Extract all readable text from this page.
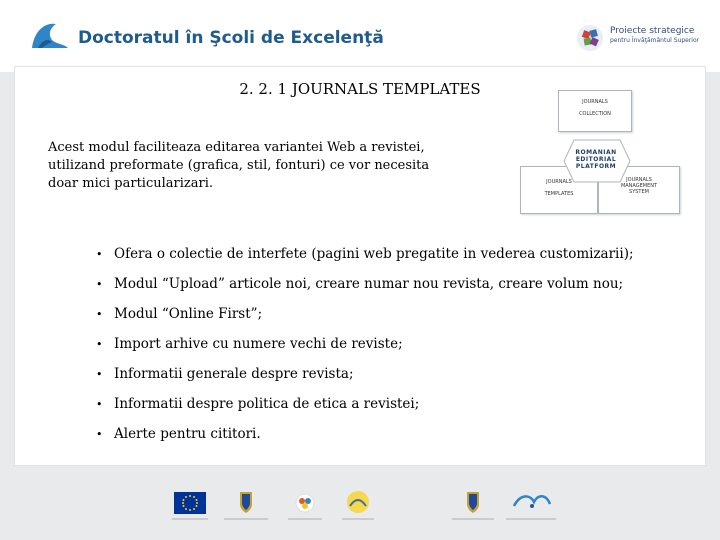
Doctoratul în Şcoli de Excelenţă	Proiecte strategice
pentru Învăţământul Superior
2. 2. 1 JOURNALS TEMPLATES
Acest modul faciliteaza editarea variantei Web a revistei,
utilizand preformate (grafica, stil, fonturi) ce vor necesita
doar mici particularizari.
• Ofera o colectie de interfete (pagini web pregatite in vederea customizarii);
• Modul “Upload” articole noi, creare numar nou revista, creare volum nou;
• Modul “Online First”;
• Import arhive cu numere vechi de reviste;
• Informatii generale despre revista;
• Informatii despre politica de etica a revistei;
• Alerte pentru cititori.
JOURNALS
COLLECTION
JOURNALS
TEMPLATES
JOURNALS
MANAGEMENT
SYSTEM
ROMANIAN
EDITORIAL
PLATFORM
